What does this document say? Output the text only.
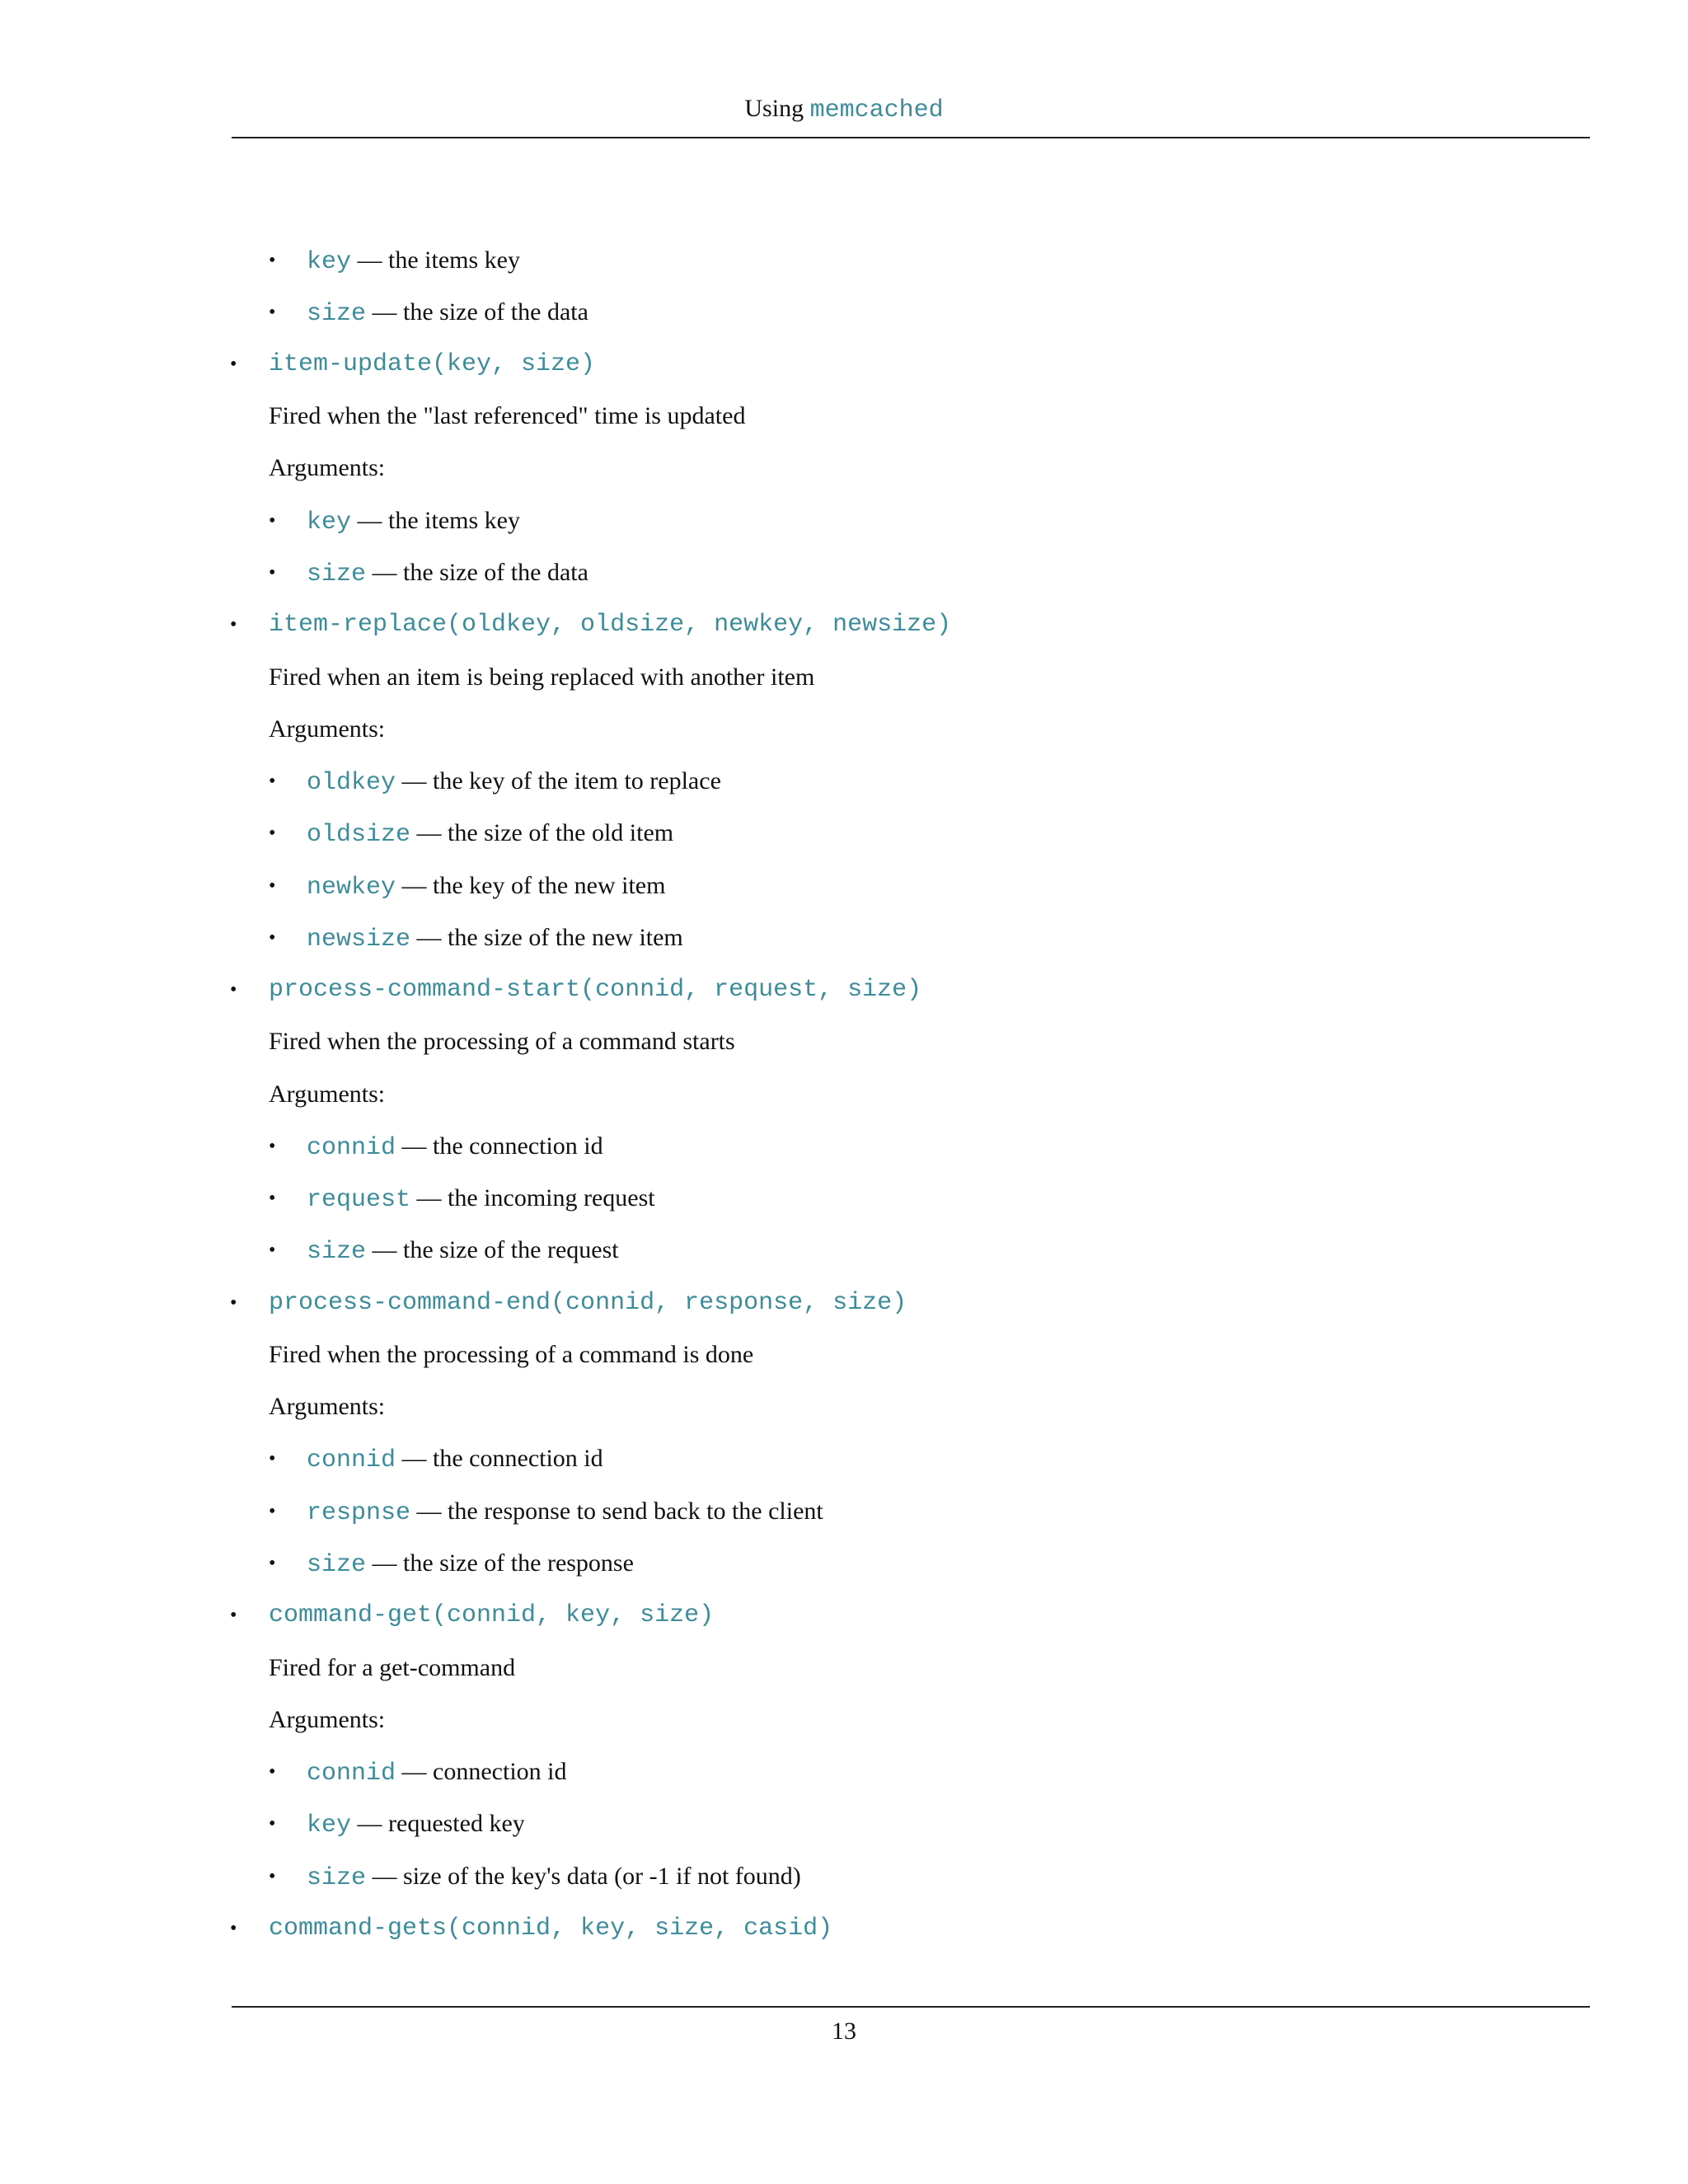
Using memcached
• key — the items key
• size — the size of the data
• item-update(key, size)
Fired when the "last referenced" time is updated
Arguments:
• key — the items key
• size — the size of the data
• item-replace(oldkey, oldsize, newkey, newsize)
Fired when an item is being replaced with another item
Arguments:
• oldkey — the key of the item to replace
• oldsize — the size of the old item
• newkey — the key of the new item
• newsize — the size of the new item
• process-command-start(connid, request, size)
Fired when the processing of a command starts
Arguments:
• connid — the connection id
• request — the incoming request
• size — the size of the request
• process-command-end(connid, response, size)
Fired when the processing of a command is done
Arguments:
• connid — the connection id
• respnse — the response to send back to the client
• size — the size of the response
• command-get(connid, key, size)
Fired for a get-command
Arguments:
• connid — connection id
• key — requested key
• size — size of the key's data (or -1 if not found)
• command-gets(connid, key, size, casid)
13
